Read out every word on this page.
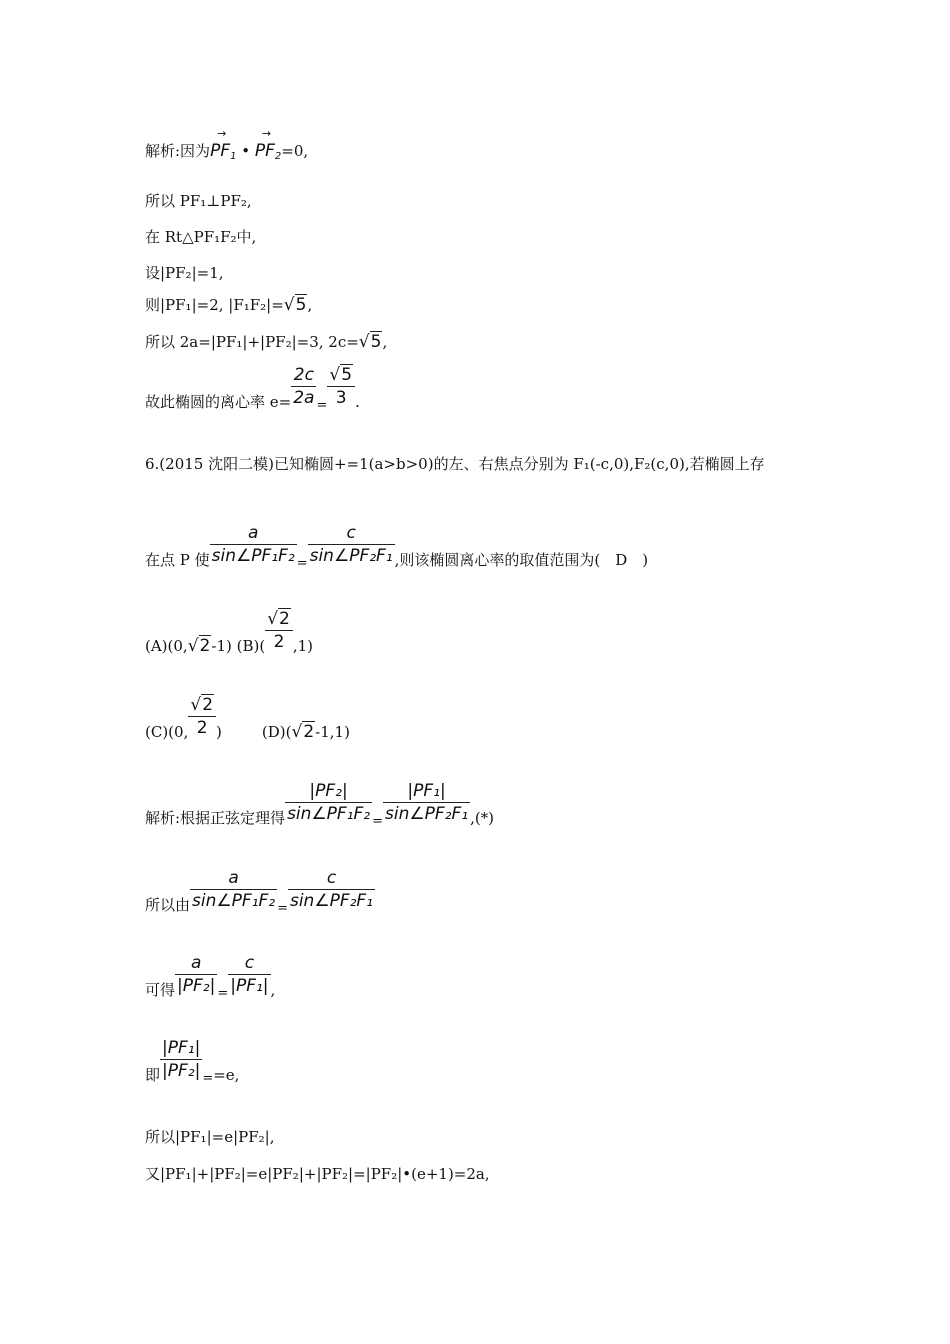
解析:因为
→
$PF_1$ •
→
$PF_2=0$,
所以 PF₁⊥PF₂,
在 Rt△PF₁F₂中,
设|PF₂|=1,
则|PF₁|=2, |F₁F₂|=√5,
所以 2a=|PF₁|+|PF₂|=3, 2c=√5,
故此椭圆的离心率 $e= \frac{2c}{2a} = \frac{√5}{3}$ .
6.(2015 沈阳二模)已知椭圆+=1(a>b>0)的左、右焦点分别为 F₁(-c,0),F₂(c,0),若椭圆上存
在点 P 使 $\frac{a}{\text{sin∠PF₁F₂}} = \frac{c}{\text{sin∠PF₂F₁}}$ ,则该椭圆离心率的取值范围为(　D　)
(A)(0,√2-1) $(B)( \frac{√2}{2} ,1)$
(C)(0, $\frac{√2}{2}$ )	(D)(√2-1,1)
解析:根据正弦定理得 $\frac{\text{|PF₂|}}{\text{sin∠PF₁F₂}} = \frac{\text{|PF₁|}}{\text{sin∠PF₂F₁}}$ ,(*)
所以由 $\frac{a}{\text{sin∠PF₁F₂}} = \frac{c}{\text{sin∠PF₂F₁}}$
可得 $\frac{a}{\text{|PF₂|}} = \frac{c}{\text{|PF₁|}}$ ,
即 $\frac{\text{|PF₁|}}{\text{|PF₂|}} ==e$,
所以|PF₁|=e|PF₂|,
又|PF₁|+|PF₂|=e|PF₂|+|PF₂|=|PF₂|•(e+1)=2a,
